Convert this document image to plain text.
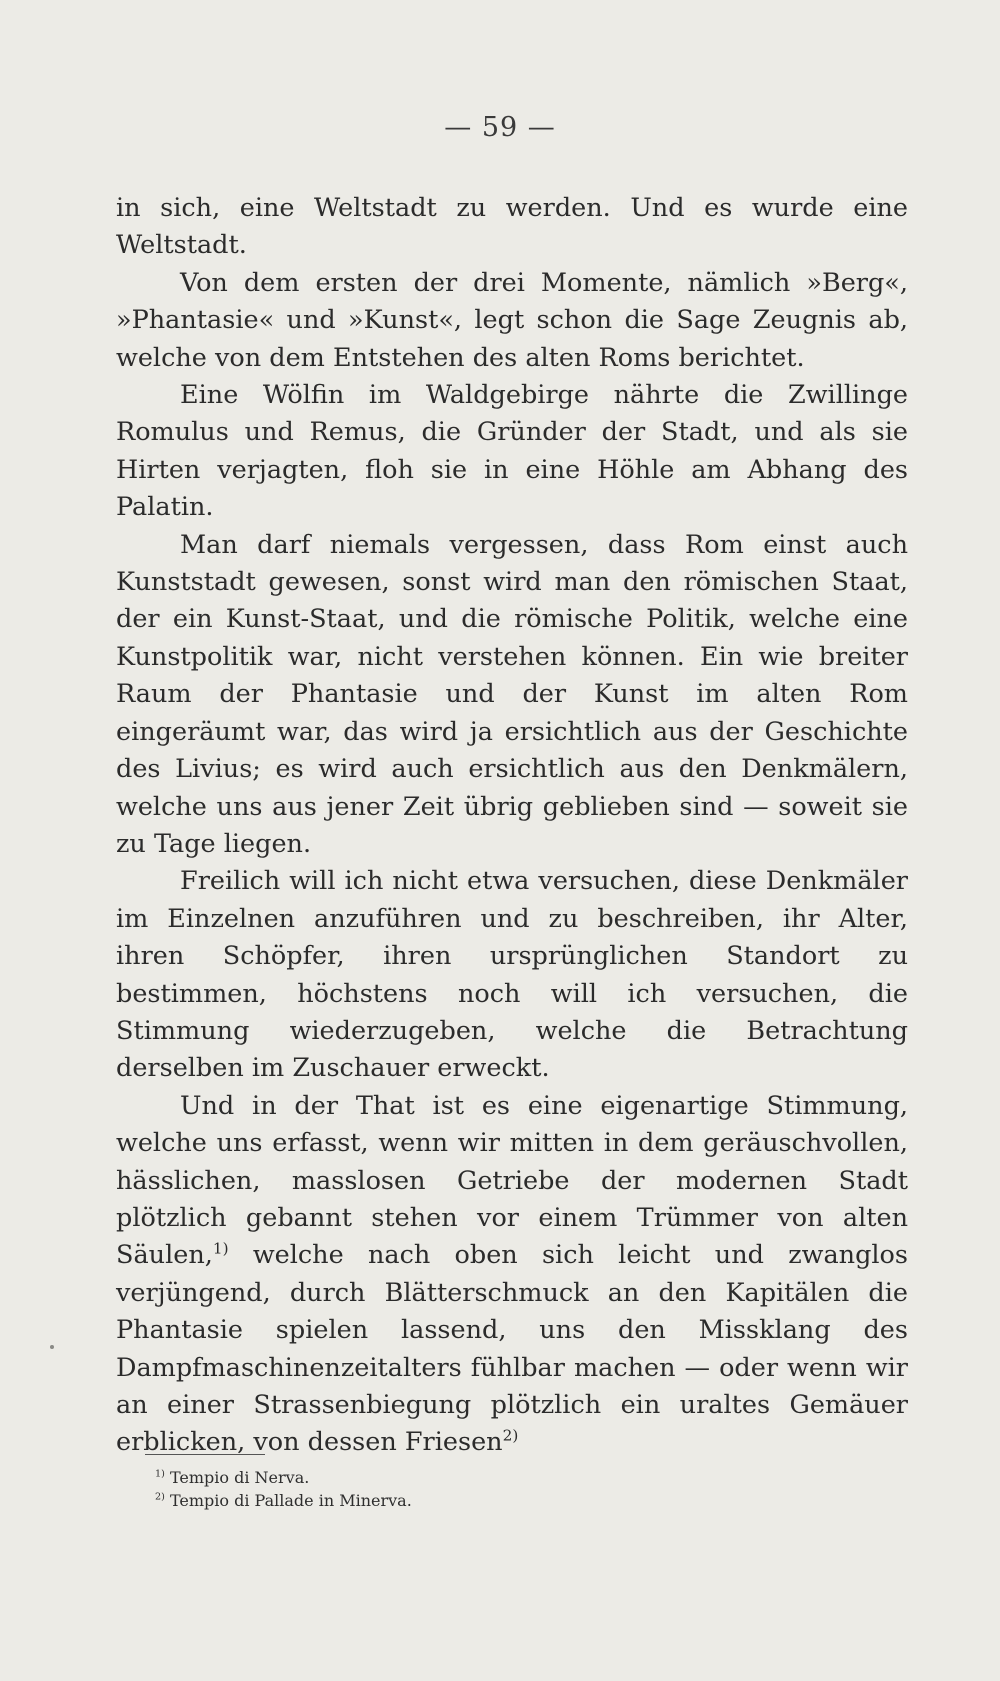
— 59 —

in sich, eine Weltstadt zu werden. Und es wurde eine Weltstadt.

Von dem ersten der drei Momente, nämlich »Berg«, »Phantasie« und »Kunst«, legt schon die Sage Zeugnis ab, welche von dem Entstehen des alten Roms berichtet.

Eine Wölfin im Waldgebirge nährte die Zwillinge Romulus und Remus, die Gründer der Stadt, und als sie Hirten verjagten, floh sie in eine Höhle am Abhang des Palatin.

Man darf niemals vergessen, dass Rom einst auch Kunststadt gewesen, sonst wird man den römischen Staat, der ein Kunst-Staat, und die römische Politik, welche eine Kunstpolitik war, nicht verstehen können. Ein wie breiter Raum der Phantasie und der Kunst im alten Rom eingeräumt war, das wird ja ersichtlich aus der Geschichte des Livius; es wird auch ersichtlich aus den Denkmälern, welche uns aus jener Zeit übrig geblieben sind — soweit sie zu Tage liegen.

Freilich will ich nicht etwa versuchen, diese Denkmäler im Einzelnen anzuführen und zu beschreiben, ihr Alter, ihren Schöpfer, ihren ursprünglichen Standort zu bestimmen, höchstens noch will ich versuchen, die Stimmung wiederzugeben, welche die Betrachtung derselben im Zuschauer erweckt.

Und in der That ist es eine eigenartige Stimmung, welche uns erfasst, wenn wir mitten in dem geräuschvollen, hässlichen, masslosen Getriebe der modernen Stadt plötzlich gebannt stehen vor einem Trümmer von alten Säulen,$^{1)}$ welche nach oben sich leicht und zwanglos verjüngend, durch Blätterschmuck an den Kapitälen die Phantasie spielen lassend, uns den Missklang des Dampfmaschinenzeitalters fühlbar machen — oder wenn wir an einer Strassenbiegung plötzlich ein uraltes Gemäuer erblicken, von dessen Friesen$^{2)}$

$^{1)}$ Tempio di Nerva.
$^{2)}$ Tempio di Pallade in Minerva.
